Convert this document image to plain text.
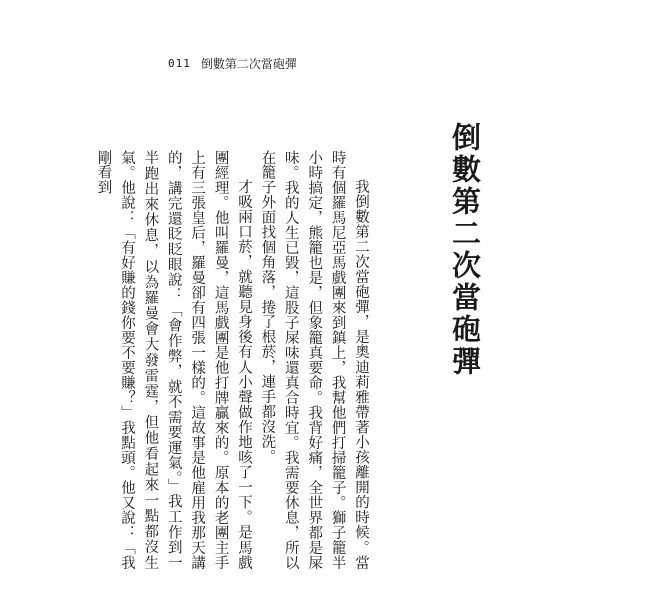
011 倒數第二次當砲彈
倒數第二次當砲彈

我倒數第二次當砲彈，是奧迪莉雅帶著小孩離開的時候。當時有個羅馬尼亞馬戲團來到鎮上，我幫他們打掃籠子。獅子籠半小時搞定，熊籠也是，但象籠真要命。我背好痛，全世界都是屎味。我的人生已毀，這股子屎味還真合時宜。我需要休息，所以在籠子外面找個角落，捲了根菸，連手都沒洗。

才吸兩口菸，就聽見身後有人小聲做作地咳了一下。是馬戲團經理。他叫羅曼，這馬戲團是他打牌贏來的。原本的老團主手上有三張皇后，羅曼卻有四張一樣的。這故事是他雇用我那天講的，講完還眨眨眼說：「會作弊，就不需要運氣。」我工作到一半跑出來休息，以為羅曼會大發雷霆，但他看起來一點都沒生氣。他說：「有好賺的錢你要不要賺？」我點頭。他又說：「我剛看到
